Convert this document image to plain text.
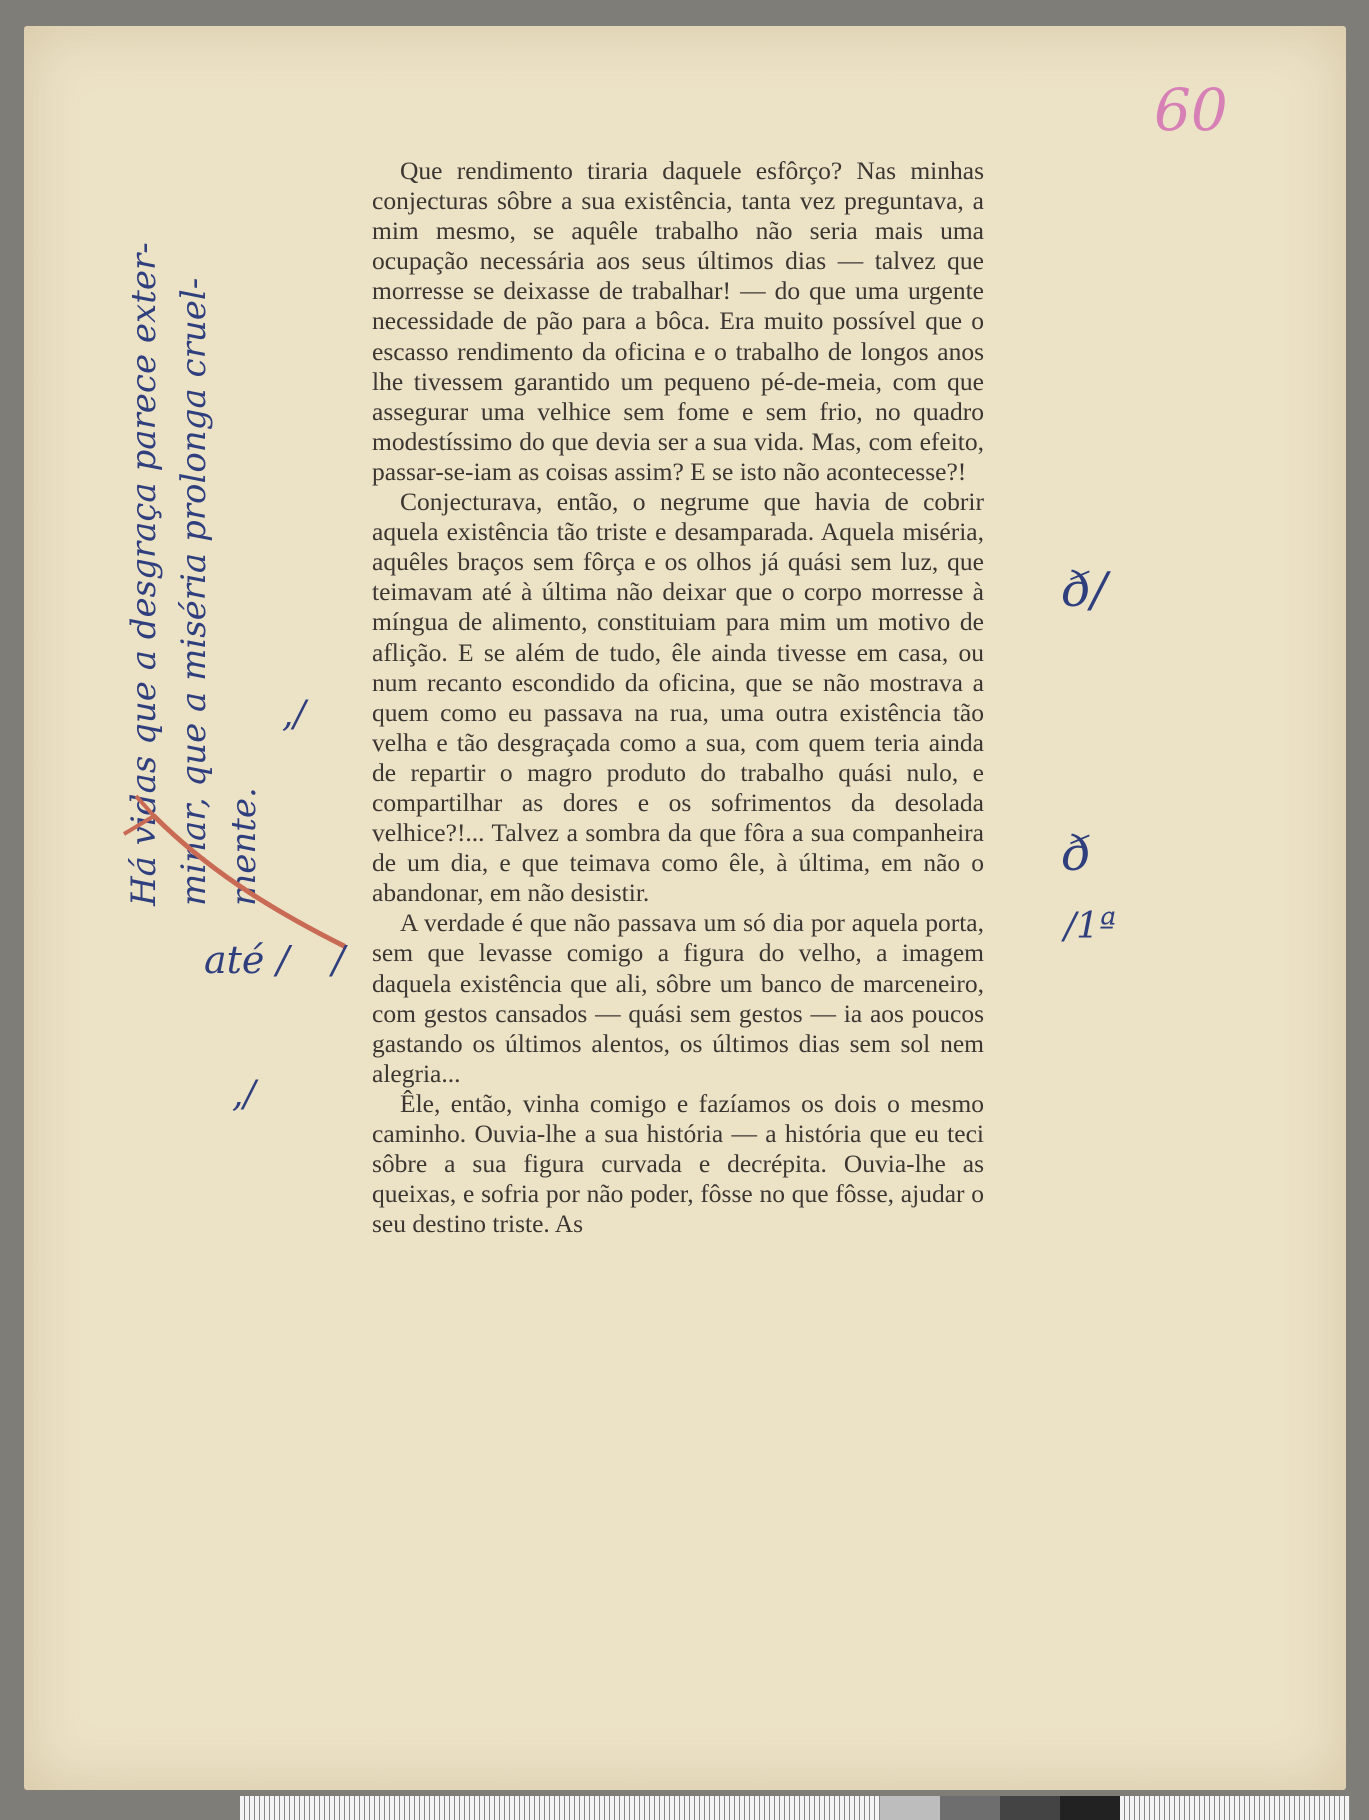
60
Há vidas que a desgraça parece exter- minar, que a miséria prolonga cruel- mente.
,/
até / /
,/
ð/
ð
/1ª

Que rendimento tiraria daquele esfôrço? Nas minhas conjecturas sôbre a sua existência, tanta vez preguntava, a mim mesmo, se aquêle trabalho não seria mais uma ocupação necessária aos seus últimos dias — talvez que morresse se deixasse de trabalhar! — do que uma urgente necessidade de pão para a bôca. Era muito possível que o escasso rendimento da oficina e o trabalho de longos anos lhe tivessem garantido um pequeno pé-de-meia, com que assegurar uma velhice sem fome e sem frio, no quadro modestíssimo do que devia ser a sua vida. Mas, com efeito, passar-se-iam as coisas assim? E se isto não acontecesse?!

Conjecturava, então, o negrume que havia de cobrir aquela existência tão triste e desamparada. Aquela miséria, aquêles braços sem fôrça e os olhos já quási sem luz, que teimavam até à última não deixar que o corpo morresse à míngua de alimento, constituiam para mim um motivo de aflição. E se além de tudo, êle ainda tivesse em casa, ou num recanto escondido da oficina, que se não mostrava a quem como eu passava na rua, uma outra existência tão velha e tão desgraçada como a sua, com quem teria ainda de repartir o magro produto do trabalho quási nulo, e compartilhar as dores e os sofrimentos da desolada velhice?!... Talvez a sombra da que fôra a sua companheira de um dia, e que teimava como êle, à última, em não o abandonar, em não desistir.

A verdade é que não passava um só dia por aquela porta, sem que levasse comigo a figura do velho, a imagem daquela existência que ali, sôbre um banco de marceneiro, com gestos cansados — quási sem gestos — ia aos poucos gastando os últimos alentos, os últimos dias sem sol nem alegria...

Êle, então, vinha comigo e fazíamos os dois o mesmo caminho. Ouvia-lhe a sua história — a história que eu teci sôbre a sua figura curvada e decrépita. Ouvia-lhe as queixas, e sofria por não poder, fôsse no que fôsse, ajudar o seu destino triste. As
